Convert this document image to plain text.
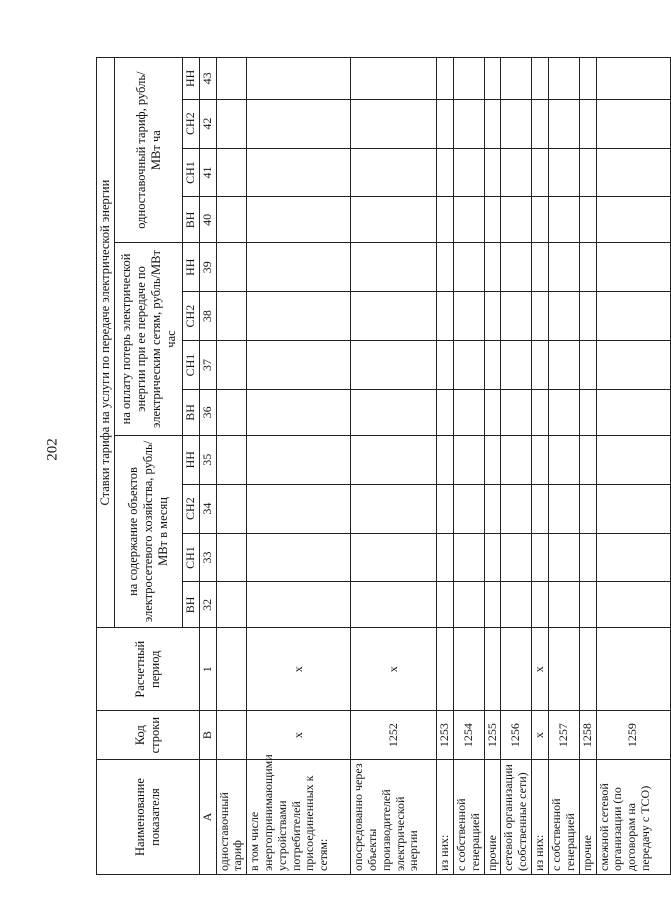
202
Наименование показателя	Код строки	Расчетный период	Ставки тарифа на услуги по передаче электрической энергии											
			на содержание объектов электросетевого хозяйства, рубль/МВт в месяц				на оплату потерь электрической энергии при ее передаче по электрическим сетям, рубль/МВт час				одноставочный тариф, рубль/МВт ча			
			ВН	СН1	СН2	НН	ВН	СН1	СН2	НН	ВН	СН1	СН2	НН
А	В	1	32	33	34	35	36	37	38	39	40	41	42	43
одноставочный тариф														
в том числе энергопринимающими устройствами потребителей присоединенных к сетям:	x	x												
опосредованно через объекты производителей электрической энергии	1252	x												
из них:	1253													
с собственной генерацией	1254													
прочие	1255													
сетевой организации (собственные сети)	1256													
из них:	x	x												
с собственной генерацией	1257													
прочие	1258													
смежной сетевой организации (по договорам на передачу с ТСО)	1259													
